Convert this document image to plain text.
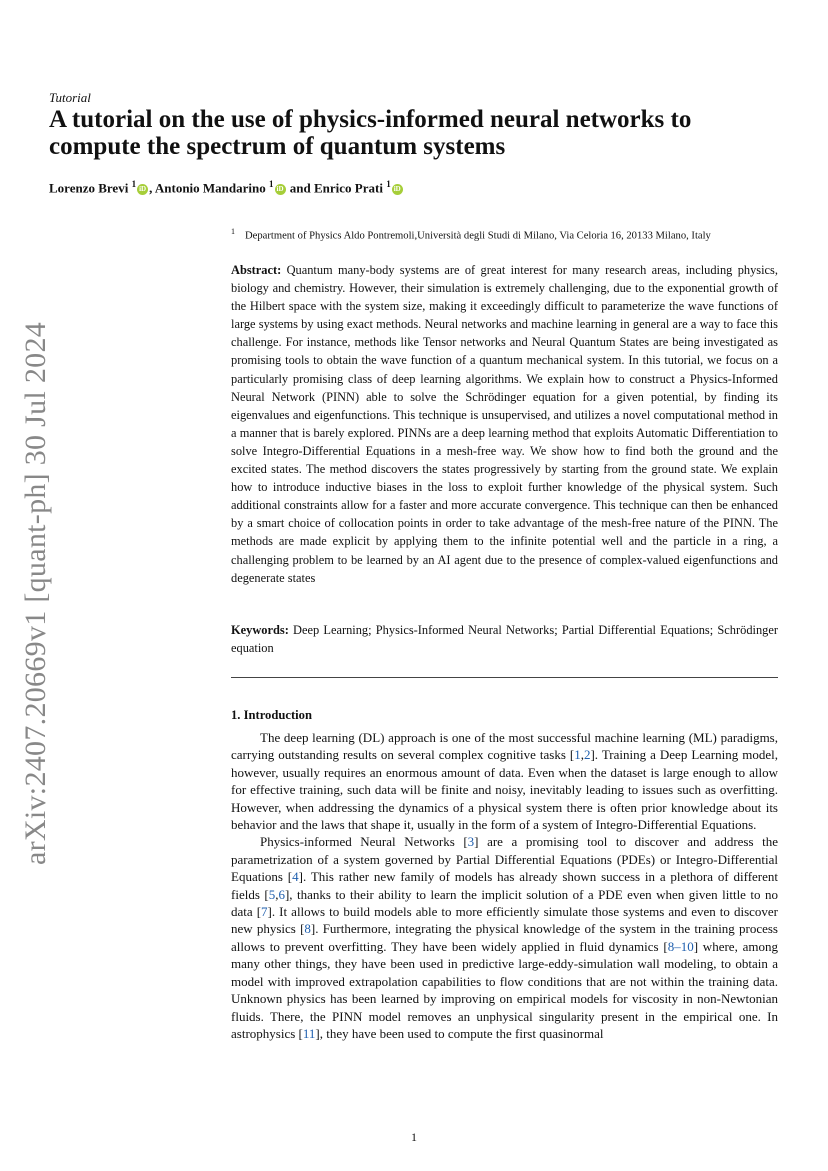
arXiv:2407.20669v1 [quant-ph] 30 Jul 2024
Tutorial
A tutorial on the use of physics-informed neural networks to compute the spectrum of quantum systems
Lorenzo Brevi $^1$iD , Antonio Mandarino $^1$iD and Enrico Prati $^1$iD
$^1$ Department of Physics Aldo Pontremoli,Università degli Studi di Milano, Via Celoria 16, 20133 Milano, Italy
Abstract: Quantum many-body systems are of great interest for many research areas, including physics, biology and chemistry. However, their simulation is extremely challenging, due to the exponential growth of the Hilbert space with the system size, making it exceedingly difficult to parameterize the wave functions of large systems by using exact methods. Neural networks and machine learning in general are a way to face this challenge. For instance, methods like Tensor networks and Neural Quantum States are being investigated as promising tools to obtain the wave function of a quantum mechanical system. In this tutorial, we focus on a particularly promising class of deep learning algorithms. We explain how to construct a Physics-Informed Neural Network (PINN) able to solve the Schrödinger equation for a given potential, by finding its eigenvalues and eigenfunctions. This technique is unsupervised, and utilizes a novel computational method in a manner that is barely explored. PINNs are a deep learning method that exploits Automatic Differentiation to solve Integro-Differential Equations in a mesh-free way. We show how to find both the ground and the excited states. The method discovers the states progressively by starting from the ground state. We explain how to introduce inductive biases in the loss to exploit further knowledge of the physical system. Such additional constraints allow for a faster and more accurate convergence. This technique can then be enhanced by a smart choice of collocation points in order to take advantage of the mesh-free nature of the PINN. The methods are made explicit by applying them to the infinite potential well and the particle in a ring, a challenging problem to be learned by an AI agent due to the presence of complex-valued eigenfunctions and degenerate states
Keywords: Deep Learning; Physics-Informed Neural Networks; Partial Differential Equations; Schrödinger equation
1. Introduction

The deep learning (DL) approach is one of the most successful machine learning (ML) paradigms, carrying outstanding results on several complex cognitive tasks [1,2]. Training a Deep Learning model, however, usually requires an enormous amount of data. Even when the dataset is large enough to allow for effective training, such data will be finite and noisy, inevitably leading to issues such as overfitting. However, when addressing the dynamics of a physical system there is often prior knowledge about its behavior and the laws that shape it, usually in the form of a system of Integro-Differential Equations.

Physics-informed Neural Networks [3] are a promising tool to discover and address the parametrization of a system governed by Partial Differential Equations (PDEs) or Integro-Differential Equations [4]. This rather new family of models has already shown success in a plethora of different fields [5,6], thanks to their ability to learn the implicit solution of a PDE even when given little to no data [7]. It allows to build models able to more efficiently simulate those systems and even to discover new physics [8]. Furthermore, integrating the physical knowledge of the system in the training process allows to prevent overfitting. They have been widely applied in fluid dynamics [8–10] where, among many other things, they have been used in predictive large-eddy-simulation wall modeling, to obtain a model with improved extrapolation capabilities to flow conditions that are not within the training data. Unknown physics has been learned by improving on empirical models for viscosity in non-Newtonian fluids. There, the PINN model removes an unphysical singularity present in the empirical one. In astrophysics [11], they have been used to compute the first quasinormal

1
